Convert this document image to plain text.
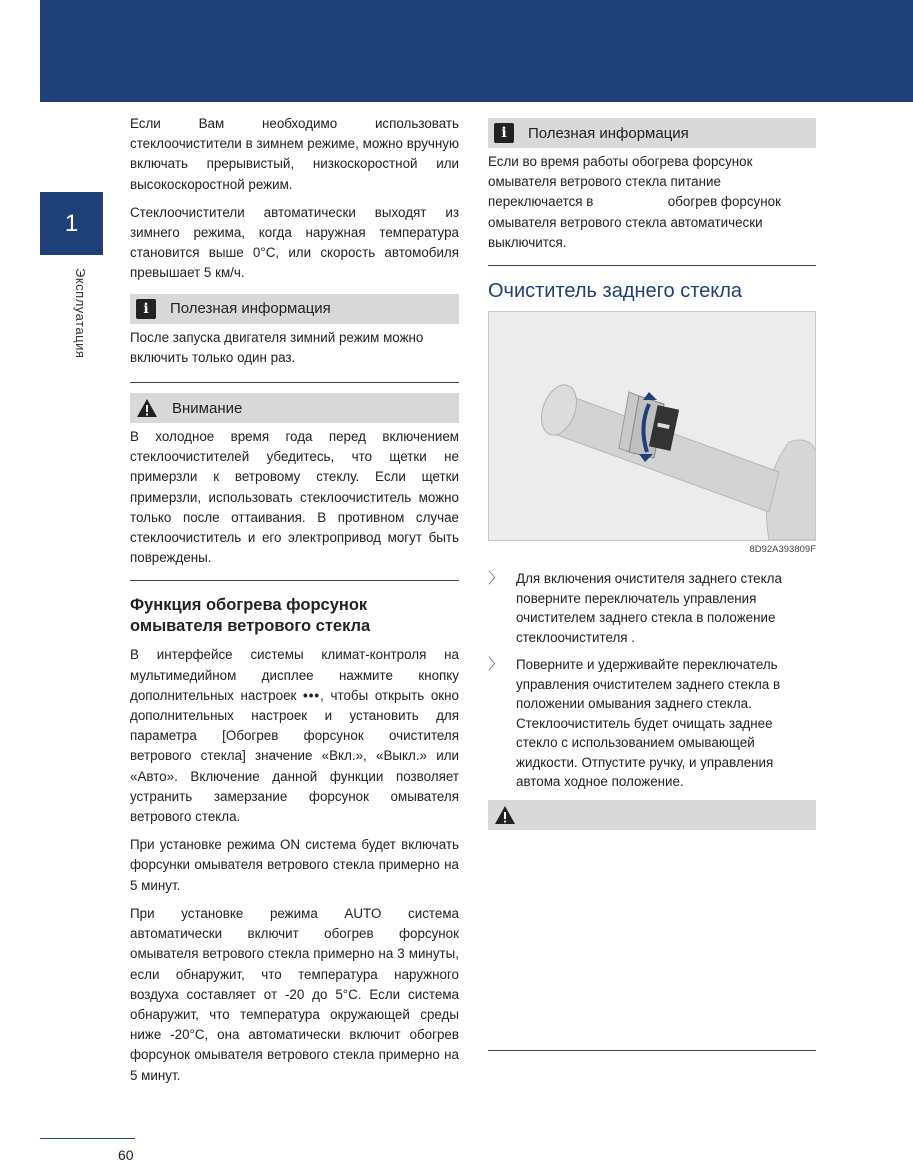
1
Эксплуатация

Если Вам необходимо использовать стеклоочистители в зимнем режиме, можно вручную включать прерывистый, низкоскоростной или высокоскоростной режим.

Стеклоочистители автоматически выходят из зимнего режима, когда наружная температура становится выше 0°C, или скорость автомобиля превышает 5 км/ч.

i	Полезная информация

После запуска двигателя зимний режим можно включить только один раз.

Внимание

В холодное время года перед включением стеклоочистителей убедитесь, что щетки не примерзли к ветровому стеклу. Если щетки примерзли, использовать стеклоочиститель можно только после оттаивания. В противном случае стеклоочиститель и его электропривод могут быть повреждены.

Функция обогрева форсунок омывателя ветрового стекла

В интерфейсе системы климат-контроля на мультимедийном дисплее нажмите кнопку дополнительных настроек •••, чтобы открыть окно дополнительных настроек и установить для параметра [Обогрев форсунок очистителя ветрового стекла] значение «Вкл.», «Выкл.» или «Авто». Включение данной функции позволяет устранить замерзание форсунок омывателя ветрового стекла.

При установке режима ON система будет включать форсунки омывателя ветрового стекла примерно на 5 минут.

При установке режима AUTO система автоматически включит обогрев форсунок омывателя ветрового стекла примерно на 3 минуты, если обнаружит, что температура наружного воздуха составляет от -20 до 5°C. Если система обнаружит, что температура окружающей среды ниже -20°C, она автоматически включит обогрев форсунок омывателя ветрового стекла примерно на 5 минут.

i	Полезная информация

Если во время работы обогрева форсунок омывателя ветрового стекла питание переключается в                    обогрев форсунок омывателя ветрового стекла автоматически выключится.

Очиститель заднего стекла
8D92A393809F
〉 Для включения очистителя заднего стекла поверните переключатель управления очистителем заднего стекла в положение стеклоочистителя .
〉 Поверните и удерживайте переключатель управления очистителем заднего стекла в положении омывания заднего стекла. Стеклоочиститель будет очищать заднее стекло с использованием омывающей жидкости. Отпустите ручку, и управления автома ходное положение.
60
